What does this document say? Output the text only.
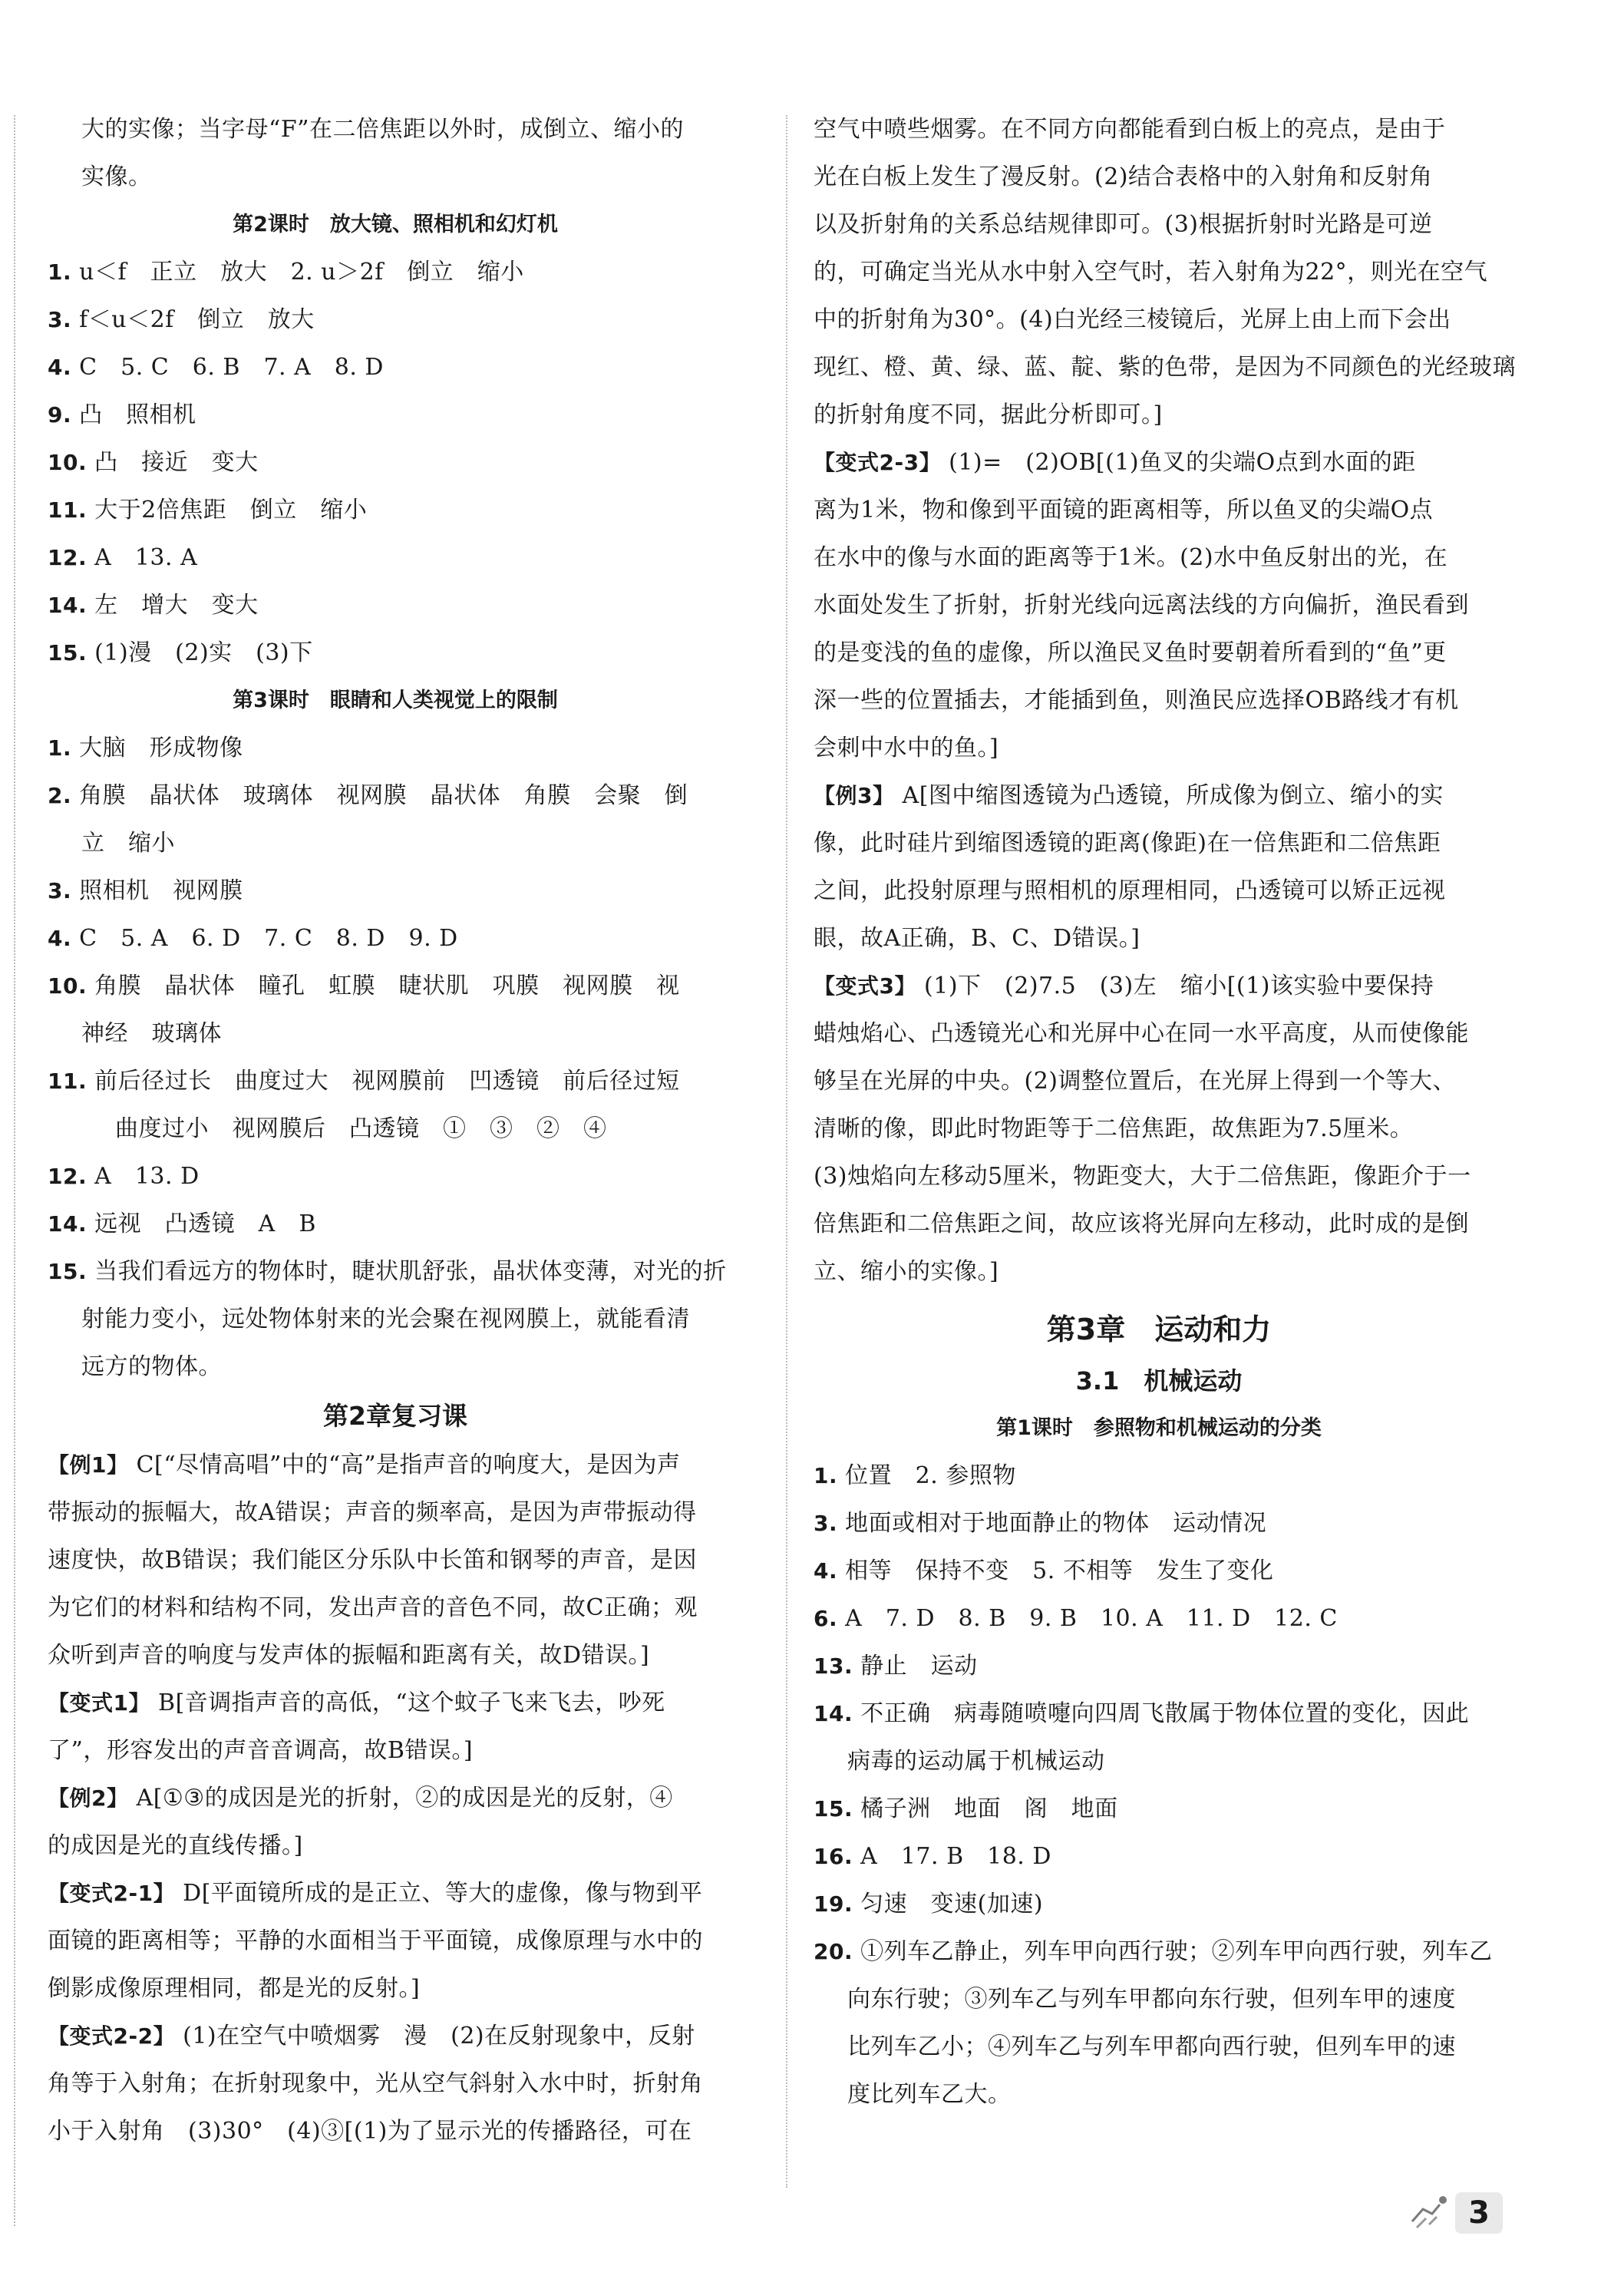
大的实像；当字母“F”在二倍焦距以外时，成倒立、缩小的
实像。
第2课时　放大镜、照相机和幻灯机
1. u＜f　正立　放大　2. u＞2f　倒立　缩小
3. f＜u＜2f　倒立　放大
4. C　5. C　6. B　7. A　8. D
9. 凸　照相机
10. 凸　接近　变大
11. 大于2倍焦距　倒立　缩小
12. A　13. A
14. 左　增大　变大
15. (1)漫　(2)实　(3)下
第3课时　眼睛和人类视觉上的限制
1. 大脑　形成物像
2. 角膜　晶状体　玻璃体　视网膜　晶状体　角膜　会聚　倒
立　缩小
3. 照相机　视网膜
4. C　5. A　6. D　7. C　8. D　9. D
10. 角膜　晶状体　瞳孔　虹膜　睫状肌　巩膜　视网膜　视
神经　玻璃体
11. 前后径过长　曲度过大　视网膜前　凹透镜　前后径过短
曲度过小　视网膜后　凸透镜　①　③　②　④
12. A　13. D
14. 远视　凸透镜　A　B
15. 当我们看远方的物体时，睫状肌舒张，晶状体变薄，对光的折
射能力变小，远处物体射来的光会聚在视网膜上，就能看清
远方的物体。
第2章复习课
【例1】 C[“尽情高唱”中的“高”是指声音的响度大，是因为声
带振动的振幅大，故A错误；声音的频率高，是因为声带振动得
速度快，故B错误；我们能区分乐队中长笛和钢琴的声音，是因
为它们的材料和结构不同，发出声音的音色不同，故C正确；观
众听到声音的响度与发声体的振幅和距离有关，故D错误。]
【变式1】 B[音调指声音的高低，“这个蚊子飞来飞去，吵死
了”，形容发出的声音音调高，故B错误。]
【例2】 A[①③的成因是光的折射，②的成因是光的反射，④
的成因是光的直线传播。]
【变式2-1】 D[平面镜所成的是正立、等大的虚像，像与物到平
面镜的距离相等；平静的水面相当于平面镜，成像原理与水中的
倒影成像原理相同，都是光的反射。]
【变式2-2】 (1)在空气中喷烟雾　漫　(2)在反射现象中，反射
角等于入射角；在折射现象中，光从空气斜射入水中时，折射角
小于入射角　(3)30°　(4)③[(1)为了显示光的传播路径，可在
空气中喷些烟雾。在不同方向都能看到白板上的亮点，是由于
光在白板上发生了漫反射。(2)结合表格中的入射角和反射角
以及折射角的关系总结规律即可。(3)根据折射时光路是可逆
的，可确定当光从水中射入空气时，若入射角为22°，则光在空气
中的折射角为30°。(4)白光经三棱镜后，光屏上由上而下会出
现红、橙、黄、绿、蓝、靛、紫的色带，是因为不同颜色的光经玻璃
的折射角度不同，据此分析即可。]
【变式2-3】 (1)=　(2)OB[(1)鱼叉的尖端O点到水面的距
离为1米，物和像到平面镜的距离相等，所以鱼叉的尖端O点
在水中的像与水面的距离等于1米。(2)水中鱼反射出的光，在
水面处发生了折射，折射光线向远离法线的方向偏折，渔民看到
的是变浅的鱼的虚像，所以渔民叉鱼时要朝着所看到的“鱼”更
深一些的位置插去，才能插到鱼，则渔民应选择OB路线才有机
会刺中水中的鱼。]
【例3】 A[图中缩图透镜为凸透镜，所成像为倒立、缩小的实
像，此时硅片到缩图透镜的距离(像距)在一倍焦距和二倍焦距
之间，此投射原理与照相机的原理相同，凸透镜可以矫正远视
眼，故A正确，B、C、D错误。]
【变式3】 (1)下　(2)7.5　(3)左　缩小[(1)该实验中要保持
蜡烛焰心、凸透镜光心和光屏中心在同一水平高度，从而使像能
够呈在光屏的中央。(2)调整位置后，在光屏上得到一个等大、
清晰的像，即此时物距等于二倍焦距，故焦距为7.5厘米。
(3)烛焰向左移动5厘米，物距变大，大于二倍焦距，像距介于一
倍焦距和二倍焦距之间，故应该将光屏向左移动，此时成的是倒
立、缩小的实像。]
第3章　运动和力
3.1　机械运动
第1课时　参照物和机械运动的分类
1. 位置　2. 参照物
3. 地面或相对于地面静止的物体　运动情况
4. 相等　保持不变　5. 不相等　发生了变化
6. A　7. D　8. B　9. B　10. A　11. D　12. C
13. 静止　运动
14. 不正确　病毒随喷嚏向四周飞散属于物体位置的变化，因此
病毒的运动属于机械运动
15. 橘子洲　地面　阁　地面
16. A　17. B　18. D
19. 匀速　变速(加速)
20. ①列车乙静止，列车甲向西行驶；②列车甲向西行驶，列车乙
向东行驶；③列车乙与列车甲都向东行驶，但列车甲的速度
比列车乙小；④列车乙与列车甲都向西行驶，但列车甲的速
度比列车乙大。
3
